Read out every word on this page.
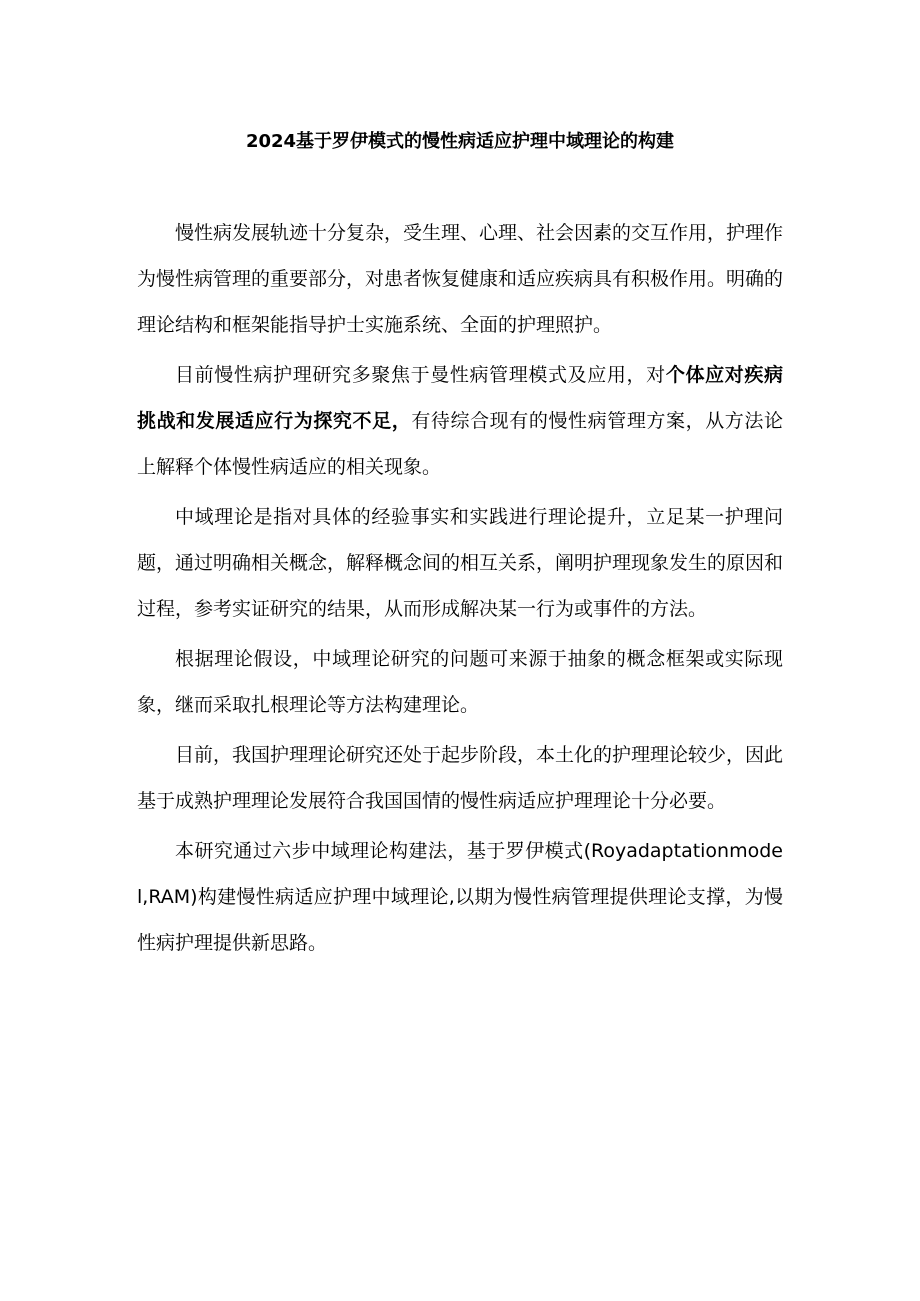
2024基于罗伊模式的慢性病适应护理中域理论的构建

慢性病发展轨迹十分复杂，受生理、心理、社会因素的交互作用，护理作为慢性病管理的重要部分，对患者恢复健康和适应疾病具有积极作用。明确的理论结构和框架能指导护士实施系统、全面的护理照护。

目前慢性病护理研究多聚焦于曼性病管理模式及应用，对个体应对疾病挑战和发展适应行为探究不足，有待综合现有的慢性病管理方案，从方法论上解释个体慢性病适应的相关现象。

中域理论是指对具体的经验事实和实践进行理论提升，立足某一护理问题，通过明确相关概念，解释概念间的相互关系，阐明护理现象发生的原因和过程，参考实证研究的结果，从而形成解决某一行为或事件的方法。

根据理论假设，中域理论研究的问题可来源于抽象的概念框架或实际现象，继而采取扎根理论等方法构建理论。

目前，我国护理理论研究还处于起步阶段，本土化的护理理论较少，因此基于成熟护理理论发展符合我国国情的慢性病适应护理理论十分必要。

本研究通过六步中域理论构建法，基于罗伊模式(Royadaptationmodel,RAM)构建慢性病适应护理中域理论,以期为慢性病管理提供理论支撑，为慢性病护理提供新思路。
